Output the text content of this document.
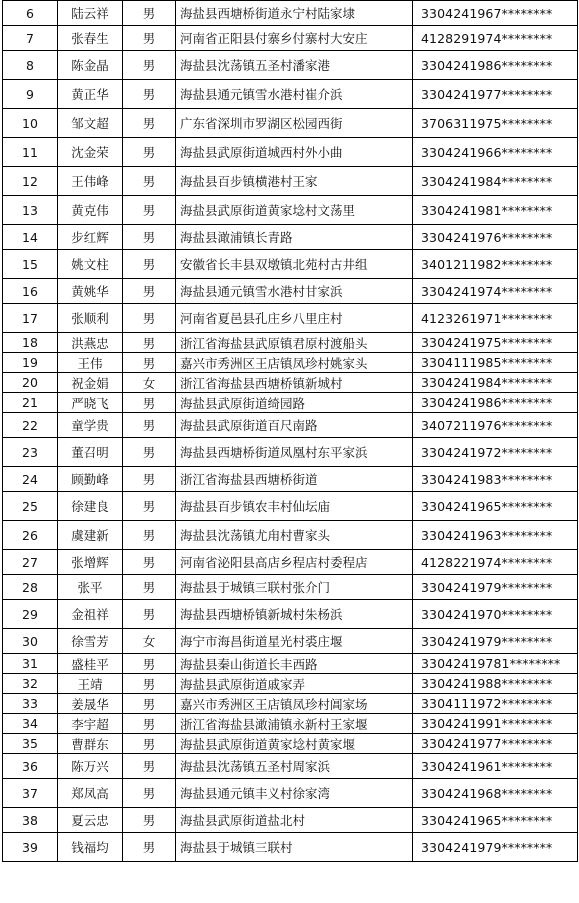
6	陆云祥	男	海盐县西塘桥街道永宁村陆家埭	3304241967********
7	张春生	男	河南省正阳县付寨乡付寨村大安庄	4128291974********
8	陈金晶	男	海盐县沈荡镇五圣村潘家港	3304241986********
9	黄正华	男	海盐县通元镇雪水港村崔介浜	3304241977********
10	邹文超	男	广东省深圳市罗湖区松园西街	3706311975********
11	沈金荣	男	海盐县武原街道城西村外小曲	3304241966********
12	王伟峰	男	海盐县百步镇横港村王家	3304241984********
13	黄克伟	男	海盐县武原街道黄家埝村文荡里	3304241981********
14	步红辉	男	海盐县澉浦镇长青路	3304241976********
15	姚文柱	男	安徽省长丰县双墩镇北苑村古井组	3401211982********
16	黄姚华	男	海盐县通元镇雪水港村甘家浜	3304241974********
17	张顺利	男	河南省夏邑县孔庄乡八里庄村	4123261971********
18	洪燕忠	男	浙江省海盐县武原镇君原村渡船头	3304241975********
19	王伟	男	嘉兴市秀洲区王店镇凤珍村姚家头	3304111985********
20	祝金娟	女	浙江省海盐县西塘桥镇新城村	3304241984********
21	严晓飞	男	海盐县武原街道绮园路	3304241986********
22	童学贵	男	海盐县武原街道百尺南路	3407211976********
23	董召明	男	海盐县西塘桥街道凤凰村东平家浜	3304241972********
24	顾勤峰	男	浙江省海盐县西塘桥街道	3304241983********
25	徐建良	男	海盐县百步镇农丰村仙坛庙	3304241965********
26	虞建新	男	海盐县沈荡镇尤甪村曹家头	3304241963********
27	张增辉	男	河南省泌阳县高店乡程店村委程店	4128221974********
28	张平	男	海盐县于城镇三联村张介门	3304241979********
29	金祖祥	男	海盐县西塘桥镇新城村朱杨浜	3304241970********
30	徐雪芳	女	海宁市海昌街道星光村裘庄堰	3304241979********
31	盛桂平	男	海盐县秦山街道长丰西路	33042419781********
32	王靖	男	海盐县武原街道戚家弄	3304241988********
33	姜晟华	男	嘉兴市秀洲区王店镇凤珍村阊家场	3304111972********
34	李宇超	男	浙江省海盐县澉浦镇永新村王家堰	3304241991********
35	曹群东	男	海盐县武原街道黄家埝村黄家堰	3304241977********
36	陈万兴	男	海盐县沈荡镇五圣村周家浜	3304241961********
37	郑凤高	男	海盐县通元镇丰义村徐家湾	3304241968********
38	夏云忠	男	海盐县武原街道盐北村	3304241965********
39	钱福均	男	海盐县于城镇三联村	3304241979********
